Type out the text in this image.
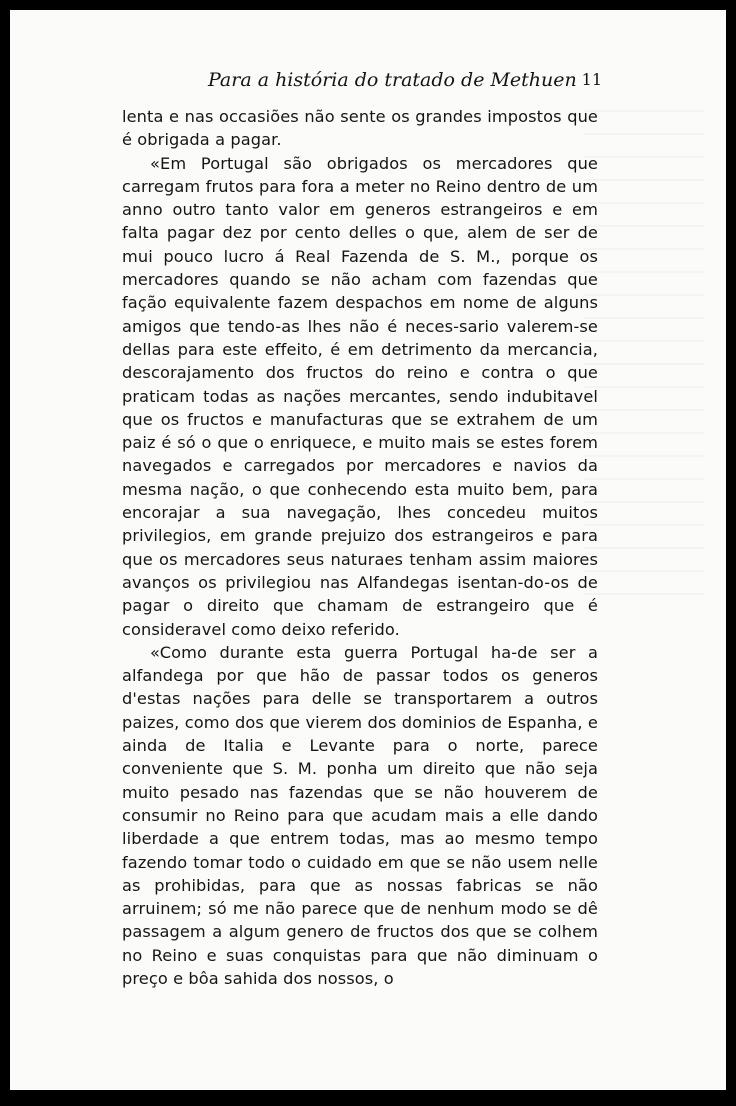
Para a história do tratado de Methuen 11

lenta e nas occasiões não sente os grandes impostos que é obrigada a pagar.

«Em Portugal são obrigados os mercadores que carregam frutos para fora a meter no Reino dentro de um anno outro tanto valor em generos estrangeiros e em falta pagar dez por cento delles o que, alem de ser de mui pouco lucro á Real Fazenda de S. M., porque os mercadores quando se não acham com fazendas que fação equivalente fazem despachos em nome de alguns amigos que tendo-as lhes não é neces-sario valerem-se dellas para este effeito, é em detrimento da mercancia, descorajamento dos fructos do reino e contra o que praticam todas as nações mercantes, sendo indubitavel que os fructos e manufacturas que se extrahem de um paiz é só o que o enriquece, e muito mais se estes forem navegados e carregados por mercadores e navios da mesma nação, o que conhecendo esta muito bem, para encorajar a sua navegação, lhes concedeu muitos privilegios, em grande prejuizo dos estrangeiros e para que os mercadores seus naturaes tenham assim maiores avanços os privilegiou nas Alfandegas isentan-do-os de pagar o direito que chamam de estrangeiro que é consideravel como deixo referido.

«Como durante esta guerra Portugal ha-de ser a alfandega por que hão de passar todos os generos d'estas nações para delle se transportarem a outros paizes, como dos que vierem dos dominios de Espanha, e ainda de Italia e Levante para o norte, parece conveniente que S. M. ponha um direito que não seja muito pesado nas fazendas que se não houverem de consumir no Reino para que acudam mais a elle dando liberdade a que entrem todas, mas ao mesmo tempo fazendo tomar todo o cuidado em que se não usem nelle as prohibidas, para que as nossas fabricas se não arruinem; só me não parece que de nenhum modo se dê passagem a algum genero de fructos dos que se colhem no Reino e suas conquistas para que não diminuam o preço e bôa sahida dos nossos, o
